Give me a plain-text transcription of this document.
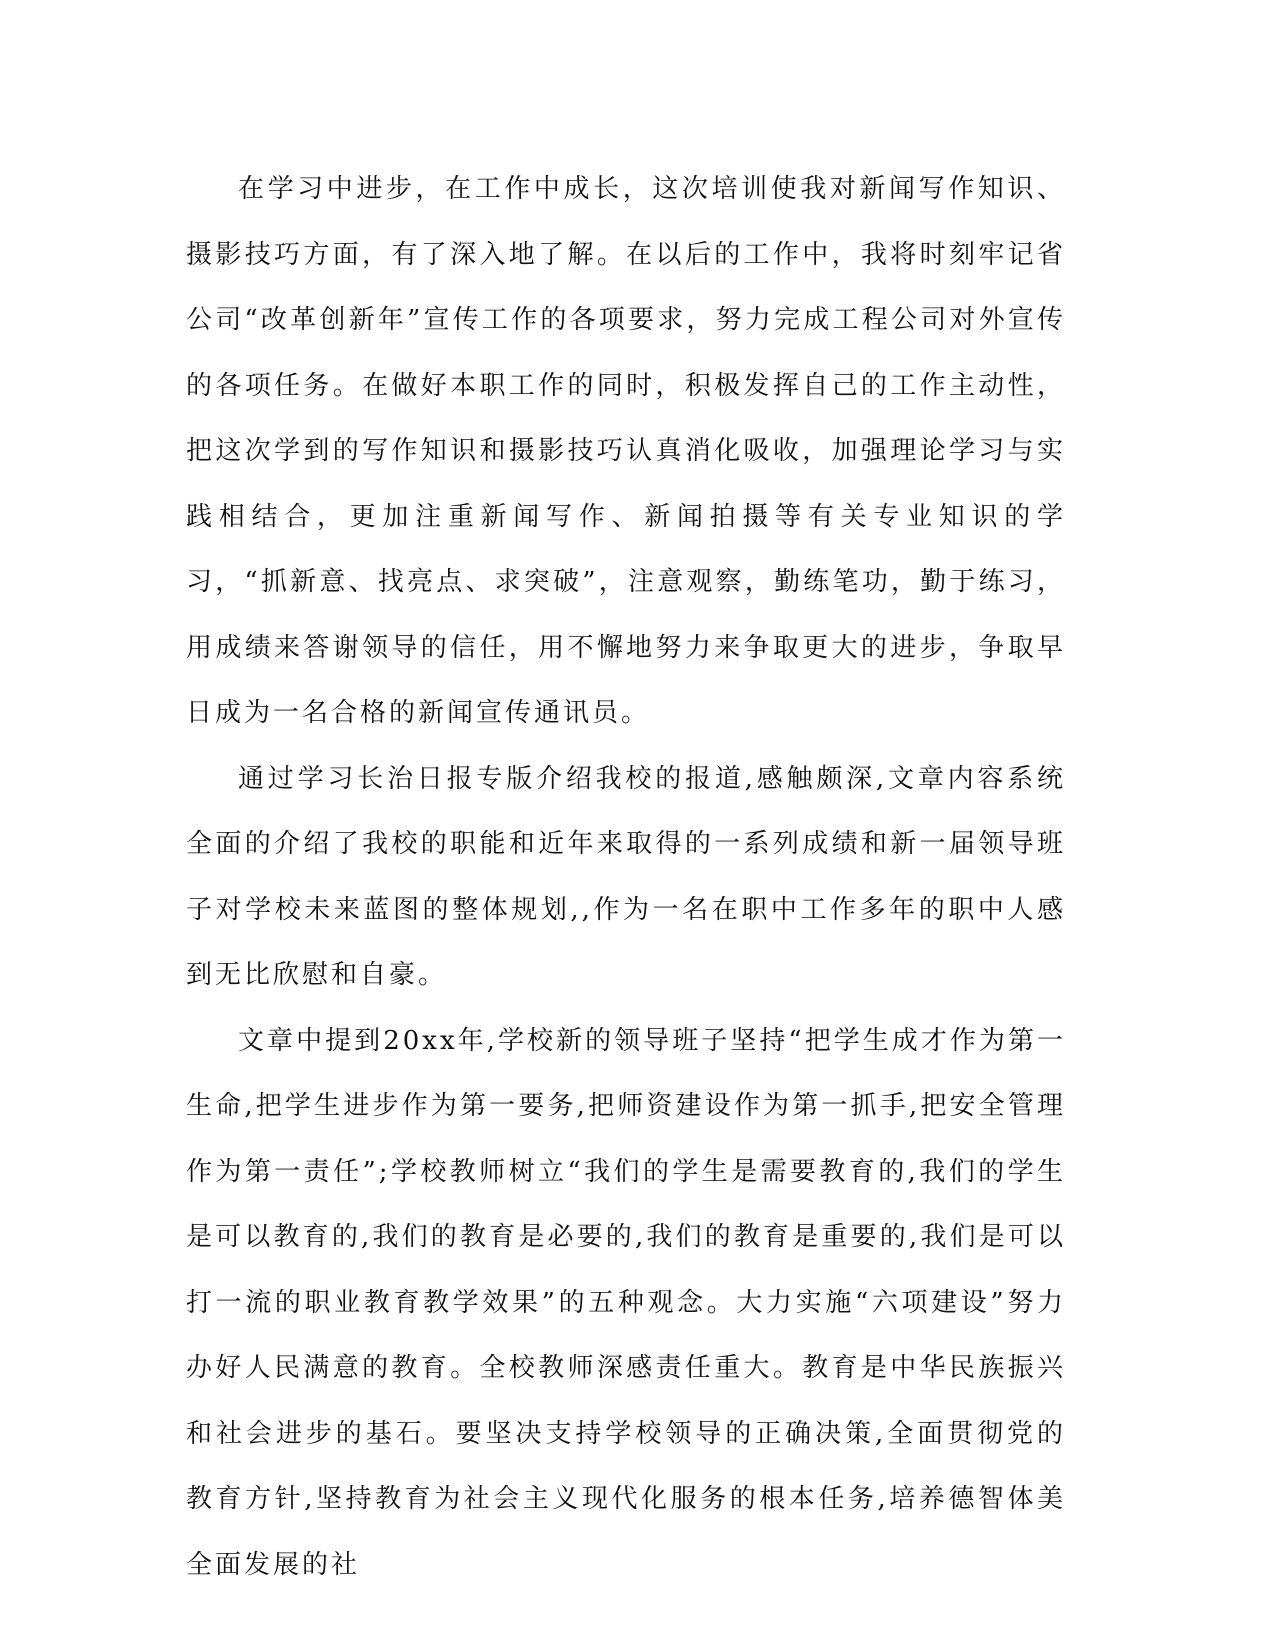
在学习中进步，在工作中成长，这次培训使我对新闻写作知识、摄影技巧方面，有了深入地了解。在以后的工作中，我将时刻牢记省公司“改革创新年”宣传工作的各项要求，努力完成工程公司对外宣传的各项任务。在做好本职工作的同时，积极发挥自己的工作主动性，把这次学到的写作知识和摄影技巧认真消化吸收，加强理论学习与实践相结合，更加注重新闻写作、新闻拍摄等有关专业知识的学习，“抓新意、找亮点、求突破”，注意观察，勤练笔功，勤于练习，用成绩来答谢领导的信任，用不懈地努力来争取更大的进步，争取早日成为一名合格的新闻宣传通讯员。

通过学习长治日报专版介绍我校的报道,感触颇深,文章内容系统全面的介绍了我校的职能和近年来取得的一系列成绩和新一届领导班子对学校未来蓝图的整体规划,,作为一名在职中工作多年的职中人感到无比欣慰和自豪。

文章中提到20xx年,学校新的领导班子坚持“把学生成才作为第一生命,把学生进步作为第一要务,把师资建设作为第一抓手,把安全管理作为第一责任”;学校教师树立“我们的学生是需要教育的,我们的学生是可以教育的,我们的教育是必要的,我们的教育是重要的,我们是可以打一流的职业教育教学效果”的五种观念。大力实施“六项建设”努力办好人民满意的教育。全校教师深感责任重大。教育是中华民族振兴和社会进步的基石。要坚决支持学校领导的正确决策,全面贯彻党的教育方针,坚持教育为社会主义现代化服务的根本任务,培养德智体美全面发展的社
